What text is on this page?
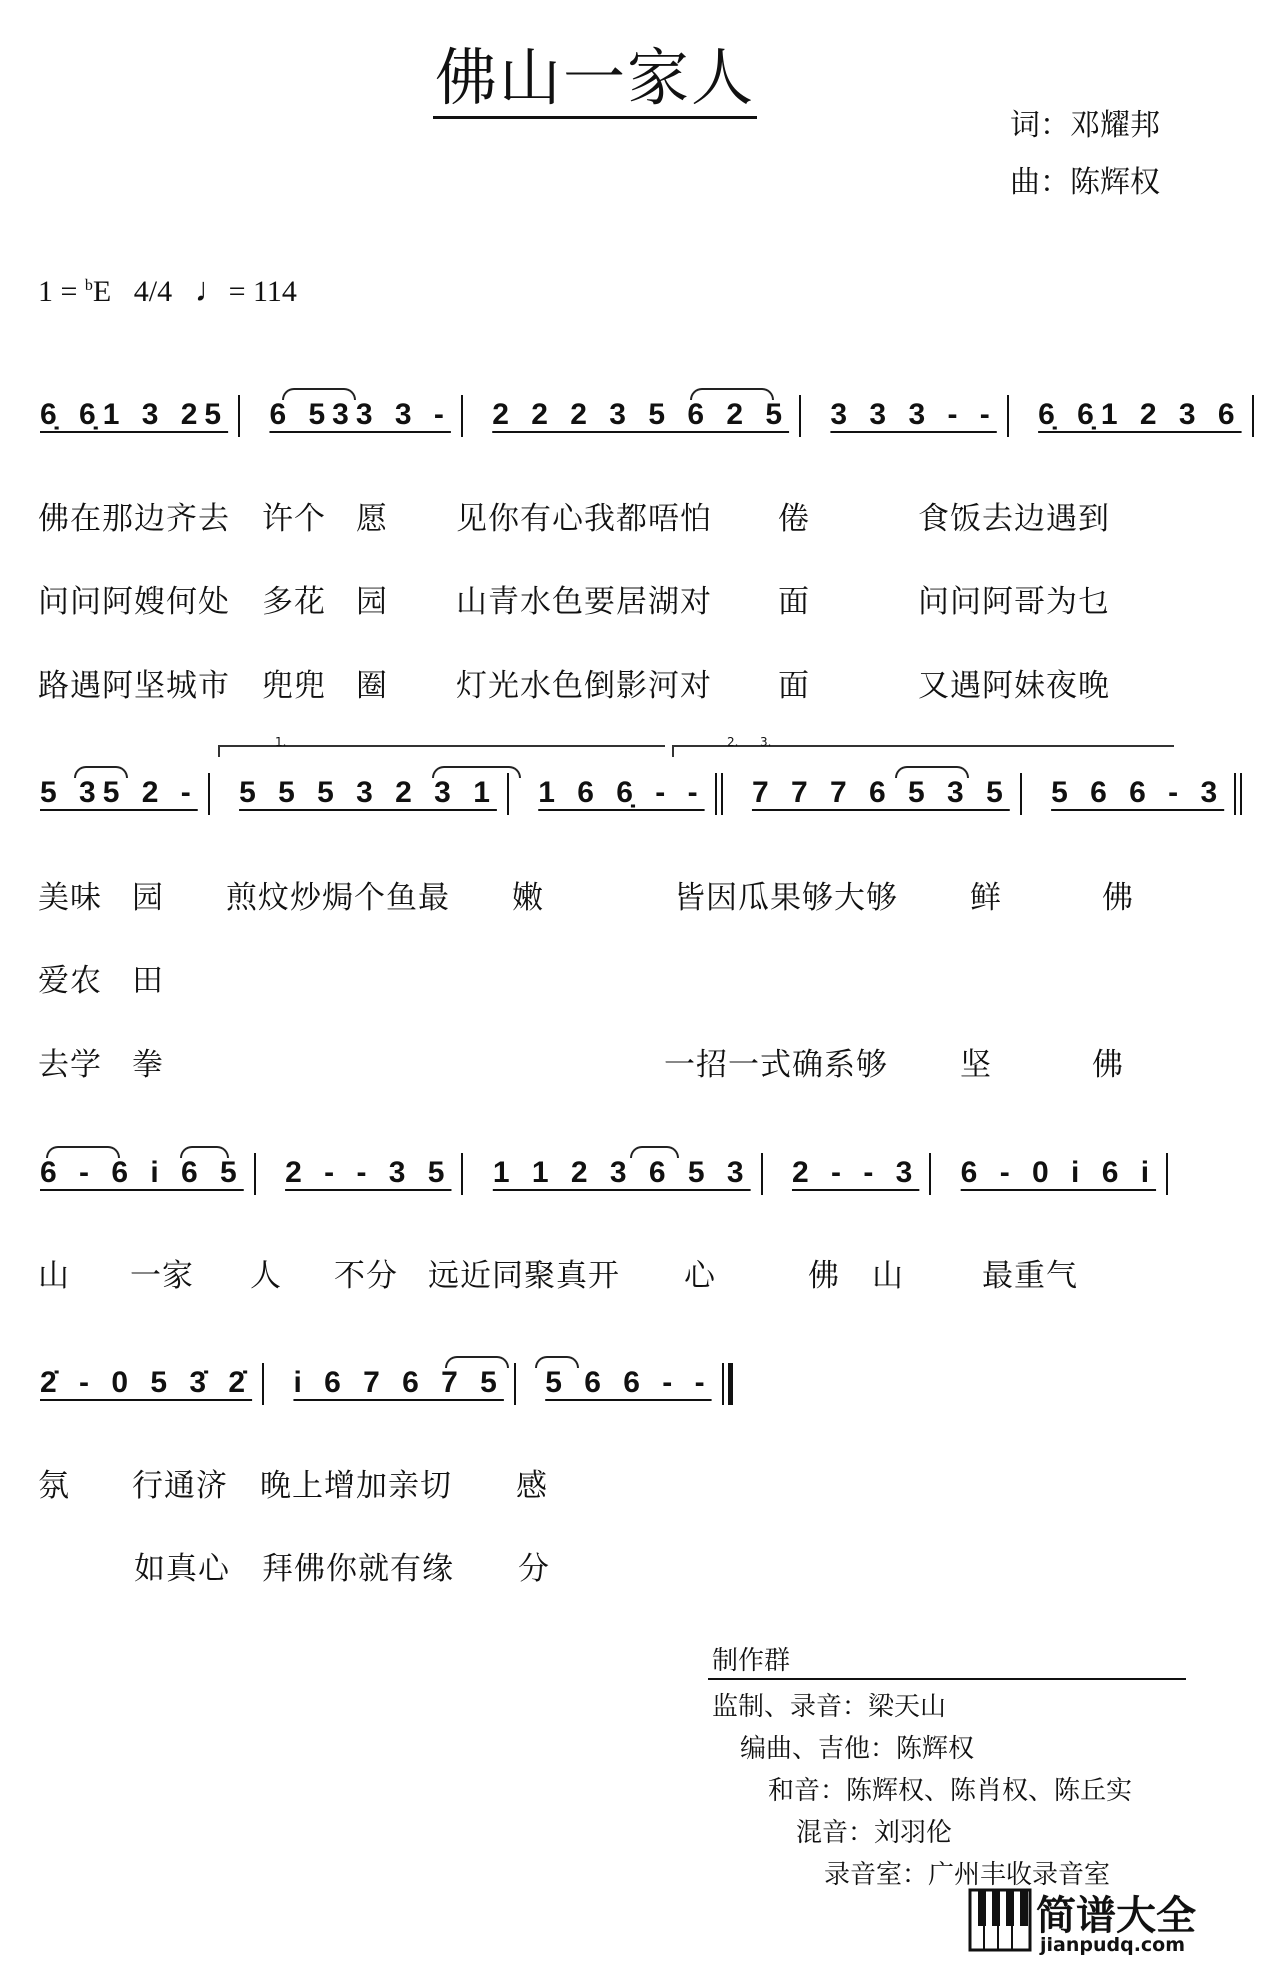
佛山一家人
词：邓耀邦
曲：陈辉权
1 = $^b$E 4/4 ♩= 114
6̣ 6̣1 3 25 6 533 3 - 2 2 2 3 5 6 2 5 3 3 3 - - 6̣ 6̣1 2 3 6
佛在那边齐去 许个 愿 见你有心我都唔怕 倦	食饭去边遇到
问问阿嫂何处 多花 园 山青水色要居湖对 面	问问阿哥为乜
路遇阿坚城市 兜兜 圈 灯光水色倒影河对 面	又遇阿妹夜晚
1.	2. 3.
5 35 2 - 5 5 5 3 2 3 1 1 6 6̣ - - 7 7 7 6 5 3 5 5 6 6 - 3
美味 园 煎炆炒焗个鱼最 嫩	皆因瓜果够大够 鲜	佛
爱农 田
去学 拳	一招一式确系够 坚	佛
6 - 6 i 6 5 2 - - 3 5 1 1 2 3 6 5 3 2 - - 3 6 - 0 i 6 i
山 一家 人 不分 远近同聚真开 心	佛 山	最重气
2̇ - 0 5 3̇ 2̇ i 6 7 6 7 5 5 6 6 - -
氛 行通济 晚上增加亲切 感
如真心 拜佛你就有缘 分
制作群
监制、录音：梁天山
编曲、吉他：陈辉权
和音：陈辉权、陈肖权、陈丘实
混音：刘羽伦
录音室：广州丰收录音室
简谱大全
jianpudq.com
